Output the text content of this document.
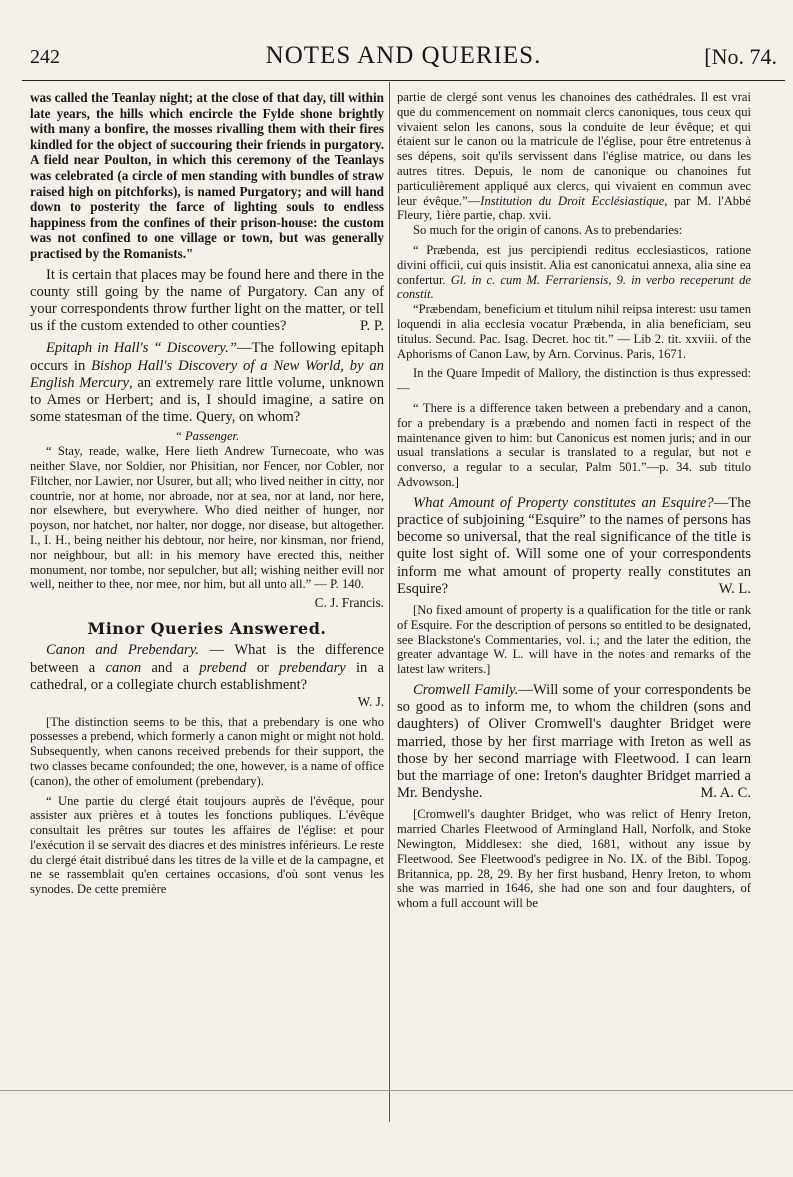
242	NOTES AND QUERIES.	[No. 74.

was called the Teanlay night; at the close of that day, till within late years, the hills which encircle the Fylde shone brightly with many a bonfire, the mosses rivalling them with their fires kindled for the object of succouring their friends in purgatory. A field near Poulton, in which this ceremony of the Teanlays was celebrated (a circle of men standing with bundles of straw raised high on pitchforks), is named Purgatory; and will hand down to posterity the farce of lighting souls to endless happiness from the confines of their prison-house: the custom was not confined to one village or town, but was generally practised by the Romanists."

It is certain that places may be found here and there in the county still going by the name of Purgatory. Can any of your correspondents throw further light on the matter, or tell us if the custom extended to other counties?	P. P.

Epitaph in Hall's “ Discovery.”—The following epitaph occurs in Bishop Hall's Discovery of a New World, by an English Mercury, an extremely rare little volume, unknown to Ames or Herbert; and is, I should imagine, a satire on some statesman of the time. Query, on whom?

“ Passenger.

“ Stay, reade, walke, Here lieth Andrew Turnecoate, who was neither Slave, nor Soldier, nor Phisitian, nor Fencer, nor Cobler, nor Filtcher, nor Lawier, nor Usurer, but all; who lived neither in citty, nor countrie, nor at home, nor abroade, nor at sea, nor at land, nor here, nor elsewhere, but everywhere. Who died neither of hunger, nor poyson, nor hatchet, nor halter, nor dogge, nor disease, but altogether. I., I. H., being neither his debtour, nor heire, nor kinsman, nor friend, nor neighbour, but all: in his memory have erected this, neither monument, nor tombe, nor sepulcher, but all; wishing neither evill nor well, neither to thee, nor mee, nor him, but all unto all.” — P. 140.

C. J. Francis.

Minor Queries Answered.

Canon and Prebendary. — What is the difference between a canon and a prebend or prebendary in a cathedral, or a collegiate church establishment?

W. J.

[The distinction seems to be this, that a prebendary is one who possesses a prebend, which formerly a canon might or might not hold. Subsequently, when canons received prebends for their support, the two classes became confounded; the one, however, is a name of office (canon), the other of emolument (prebendary).

“ Une partie du clergé était toujours auprès de l'évêque, pour assister aux prières et à toutes les fonctions publiques. L'évêque consultait les prêtres sur toutes les affaires de l'église: et pour l'exécution il se servait des diacres et des ministres inférieurs. Le reste du clergé était distribué dans les titres de la ville et de la campagne, et ne se rassemblait qu'en certaines occasions, d'où sont venus les synodes. De cette première

partie de clergé sont venus les chanoines des cathédrales. Il est vrai que du commencement on nommait clercs canoniques, tous ceux qui vivaient selon les canons, sous la conduite de leur évêque; et qui étaient sur le canon ou la matricule de l'église, pour être entretenus à ses dépens, soit qu'ils servissent dans l'église matrice, ou dans les autres titres. Depuis, le nom de canonique ou chanoines fut particulièrement appliqué aux clercs, qui vivaient en commun avec leur évêque.”—Institution du Droit Ecclésiastique, par M. l'Abbé Fleury, 1ière partie, chap. xvii.

So much for the origin of canons. As to prebendaries:

“ Præbenda, est jus percipiendi reditus ecclesiasticos, ratione divini officii, cui quis insistit. Alia est canonicatui annexa, alia sine ea confertur. Gl. in c. cum M. Ferrariensis, 9. in verbo receperunt de constit.

“Præbendam, beneficium et titulum nihil reipsa interest: usu tamen loquendi in alia ecclesia vocatur Præbenda, in alia beneficiam, seu titulus. Secund. Pac. Isag. Decret. hoc tit.” — Lib 2. tit. xxviii. of the Aphorisms of Canon Law, by Arn. Corvinus. Paris, 1671.

In the Quare Impedit of Mallory, the distinction is thus expressed: —

“ There is a difference taken between a prebendary and a canon, for a prebendary is a præbendo and nomen facti in respect of the maintenance given to him: but Canonicus est nomen juris; and in our usual translations a secular is translated to a regular, but not e converso, a regular to a secular, Palm 501.”—p. 34. sub titulo Advowson.]

What Amount of Property constitutes an Esquire?—The practice of subjoining “Esquire” to the names of persons has become so universal, that the real significance of the title is quite lost sight of. Will some one of your correspondents inform me what amount of property really constitutes an Esquire?	W. L.

[No fixed amount of property is a qualification for the title or rank of Esquire. For the description of persons so entitled to be designated, see Blackstone's Commentaries, vol. i.; and the later the edition, the greater advantage W. L. will have in the notes and remarks of the latest law writers.]

Cromwell Family.—Will some of your correspondents be so good as to inform me, to whom the children (sons and daughters) of Oliver Cromwell's daughter Bridget were married, those by her first marriage with Ireton as well as those by her second marriage with Fleetwood. I can learn but the marriage of one: Ireton's daughter Bridget married a Mr. Bendyshe.	M. A. C.

[Cromwell's daughter Bridget, who was relict of Henry Ireton, married Charles Fleetwood of Armingland Hall, Norfolk, and Stoke Newington, Middlesex: she died, 1681, without any issue by Fleetwood. See Fleetwood's pedigree in No. IX. of the Bibl. Topog. Britannica, pp. 28, 29. By her first husband, Henry Ireton, to whom she was married in 1646, she had one son and four daughters, of whom a full account will be
